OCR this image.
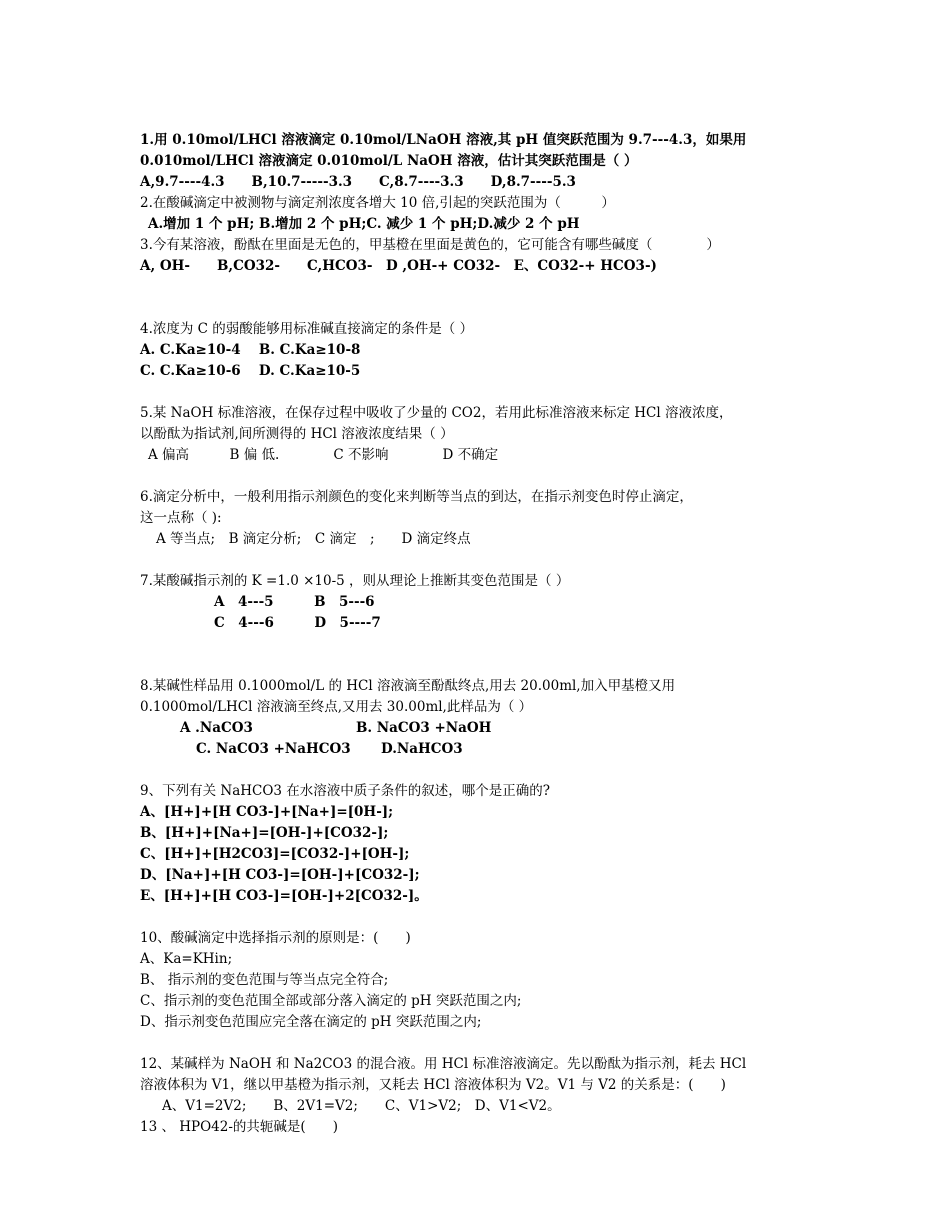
1.用 0.10mol/LHCl 溶液滴定 0.10mol/LNaOH 溶液,其 pH 值突跃范围为 9.7---4.3，如果用
0.010mol/LHCl 溶液滴定 0.010mol/L NaOH 溶液，估计其突跃范围是（ ）
A,9.7----4.3　　B,10.7-----3.3　　C,8.7----3.3　　D,8.7----5.3
2.在酸碱滴定中被测物与滴定剂浓度各增大 10 倍,引起的突跃范围为（　　　）
A.增加 1 个 pH; B.增加 2 个 pH;C. 减少 1 个 pH;D.减少 2 个 pH
3.今有某溶液，酚酞在里面是无色的，甲基橙在里面是黄色的，它可能含有哪些碱度（　　　　）
A, OH-　　B,CO32-　　C,HCO3-　D ,OH-+ CO32-　E、CO32-+ HCO3-)
4.浓度为 C 的弱酸能够用标准碱直接滴定的条件是（ ）
A. C.Ka≥10-4　 B. C.Ka≥10-8
C. C.Ka≥10-6　 D. C.Ka≥10-5
5.某 NaOH 标准溶液，在保存过程中吸收了少量的 CO2，若用此标准溶液来标定 HCl 溶液浓度，
以酚酞为指试剂,间所测得的 HCl 溶液浓度结果（ ）
A 偏高　　　B 偏 低.　　　　C 不影响　　　　D 不确定
6.滴定分析中，一般利用指示剂颜色的变化来判断等当点的到达，在指示剂变色时停止滴定，
这一点称（ ):
A 等当点;　B 滴定分析;　C 滴定　;　　D 滴定终点
7.某酸碱指示剂的 K =1.0 ×10-5 ，则从理论上推断其变色范围是（ ）
A　4---5　　　B　5---6
C　4---6　　　D　5----7
8.某碱性样品用 0.1000mol/L 的 HCl 溶液滴至酚酞终点,用去 20.00ml,加入甲基橙又用
0.1000mol/LHCl 溶液滴至终点,又用去 30.00ml,此样品为（ ）
A .NaCO3	B. NaCO3 +NaOH
C. NaCO3 +NaHCO3 D.NaHCO3
9、下列有关 NaHCO3 在水溶液中质子条件的叙述，哪个是正确的?
A、[H+]+[H CO3-]+[Na+]=[0H-];
B、[H+]+[Na+]=[OH-]+[CO32-];
C、[H+]+[H2CO3]=[CO32-]+[OH-];
D、[Na+]+[H CO3-]=[OH-]+[CO32-];
E、[H+]+[H CO3-]=[OH-]+2[CO32-]。
10、酸碱滴定中选择指示剂的原则是：(　　)
A、Ka=KHin;
B、 指示剂的变色范围与等当点完全符合;
C、指示剂的变色范围全部或部分落入滴定的 pH 突跃范围之内;
D、指示剂变色范围应完全落在滴定的 pH 突跃范围之内;
12、某碱样为 NaOH 和 Na2CO3 的混合液。用 HCl 标准溶液滴定。先以酚酞为指示剂，耗去 HCl
溶液体积为 V1，继以甲基橙为指示剂，又耗去 HCl 溶液体积为 V2。V1 与 V2 的关系是：(　　)
A、V1=2V2;　　B、2V1=V2;　　C、V1>V2;　D、V1<V2。
13 、 HPO42-的共轭碱是(　　)
